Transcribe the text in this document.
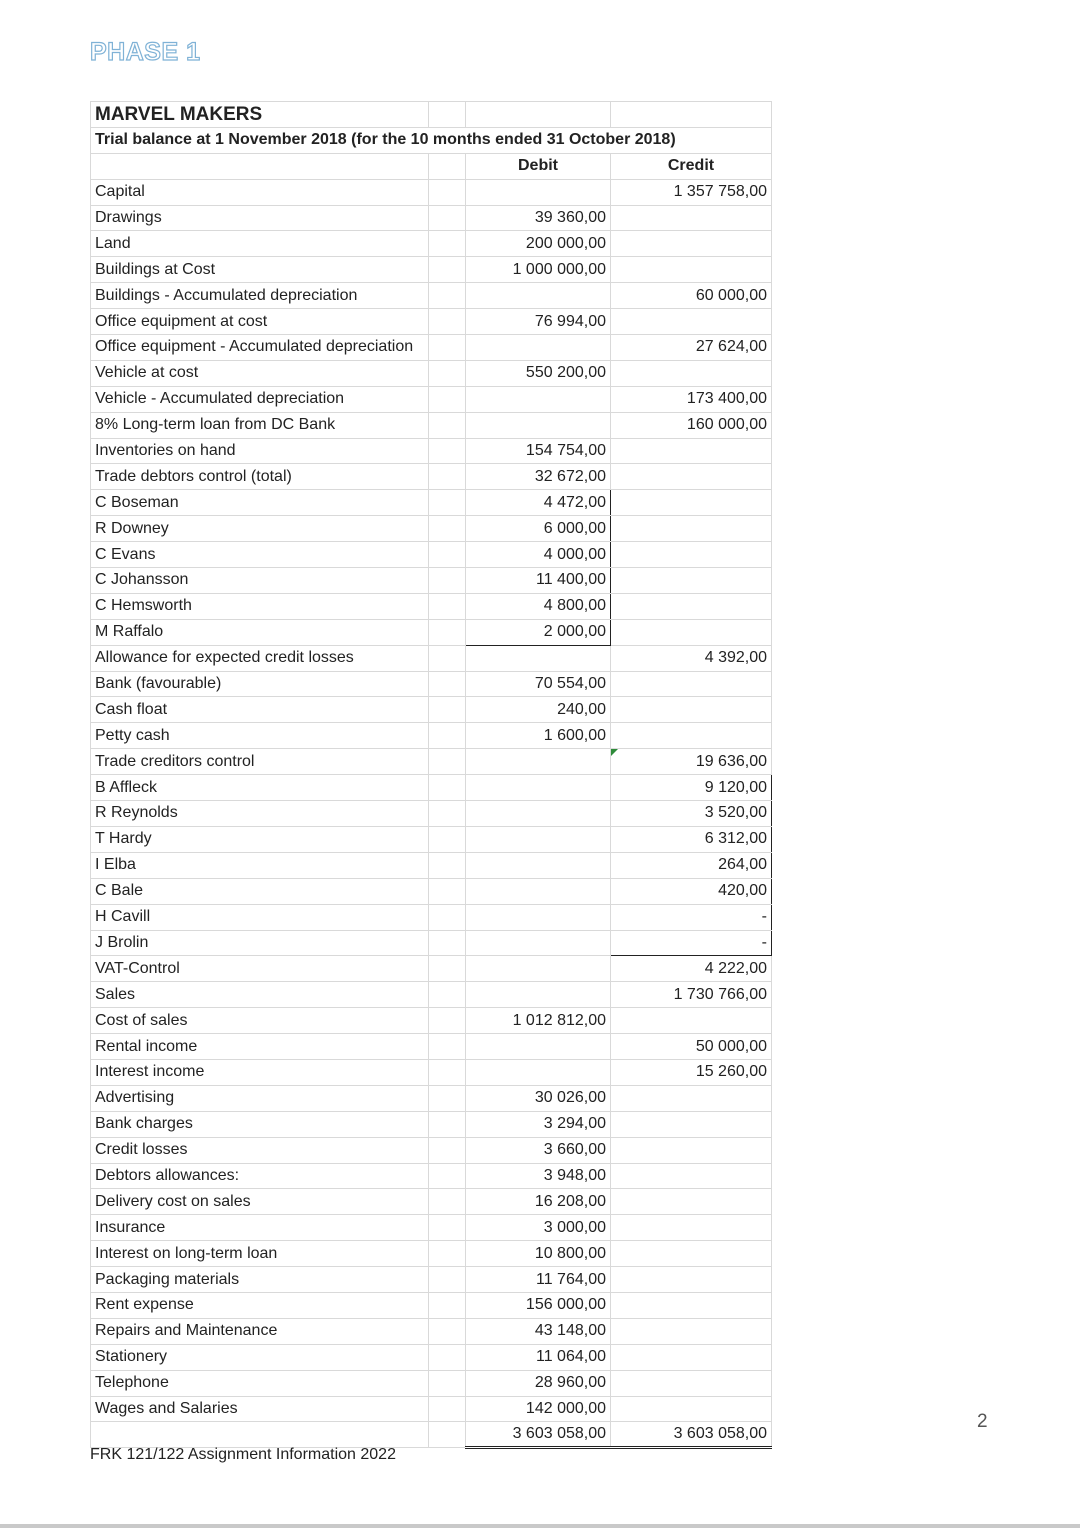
PHASE 1
MARVEL MAKERS			
Trial balance at 1 November 2018 (for the 10 months ended 31 October 2018)			
		Debit	Credit
Capital			1 357 758,00
Drawings		39 360,00	
Land		200 000,00	
Buildings at Cost		1 000 000,00	
Buildings - Accumulated depreciation			60 000,00
Office equipment at cost		76 994,00	
Office equipment - Accumulated depreciation			27 624,00
Vehicle at cost		550 200,00	
Vehicle - Accumulated depreciation			173 400,00
8% Long-term loan from DC Bank			160 000,00
Inventories on hand		154 754,00	
Trade debtors control (total)		32 672,00	
C Boseman		4 472,00	
R Downey		6 000,00	
C Evans		4 000,00	
C Johansson		11 400,00	
C Hemsworth		4 800,00	
M Raffalo		2 000,00	
Allowance for expected credit losses			4 392,00
Bank (favourable)		70 554,00	
Cash float		240,00	
Petty cash		1 600,00	
Trade creditors control			19 636,00
B Affleck			9 120,00
R Reynolds			3 520,00
T Hardy			6 312,00
I Elba			264,00
C Bale			420,00
H Cavill			-
J Brolin			-
VAT-Control			4 222,00
Sales			1 730 766,00
Cost of sales		1 012 812,00	
Rental income			50 000,00
Interest income			15 260,00
Advertising		30 026,00	
Bank charges		3 294,00	
Credit losses		3 660,00	
Debtors allowances:		3 948,00	
Delivery cost on sales		16 208,00	
Insurance		3 000,00	
Interest on long-term loan		10 800,00	
Packaging materials		11 764,00	
Rent expense		156 000,00	
Repairs and Maintenance		43 148,00	
Stationery		11 064,00	
Telephone		28 960,00	
Wages and Salaries		142 000,00	
		3 603 058,00	3 603 058,00

FRK 121/122 Assignment Information 2022

2
